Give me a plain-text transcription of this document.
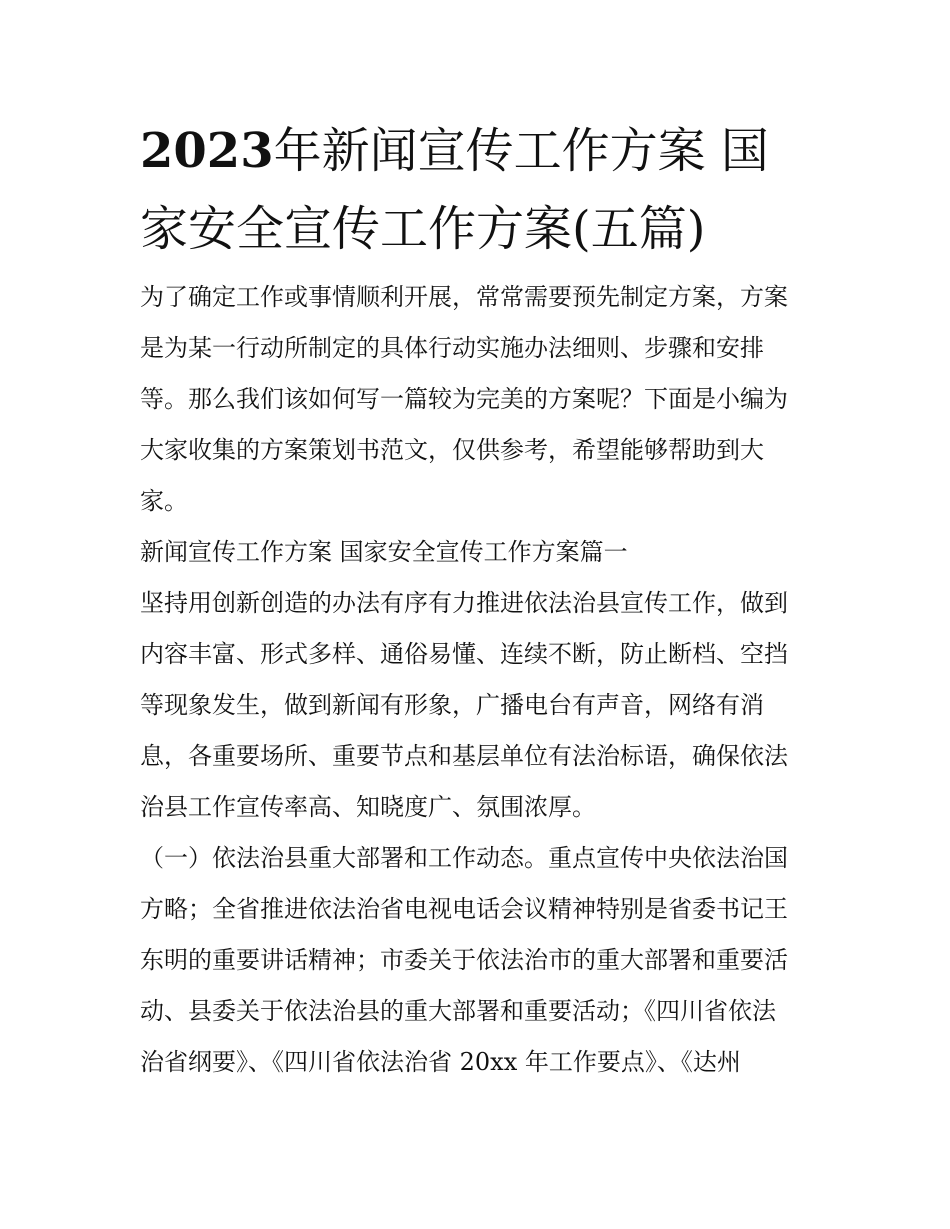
2023年新闻宣传工作方案 国
家安全宣传工作方案(五篇)
为了确定工作或事情顺利开展，常常需要预先制定方案，方案
是为某一行动所制定的具体行动实施办法细则、步骤和安排
等。那么我们该如何写一篇较为完美的方案呢？下面是小编为
大家收集的方案策划书范文，仅供参考，希望能够帮助到大
家。
新闻宣传工作方案 国家安全宣传工作方案篇一
坚持用创新创造的办法有序有力推进依法治县宣传工作，做到
内容丰富、形式多样、通俗易懂、连续不断，防止断档、空挡
等现象发生，做到新闻有形象，广播电台有声音，网络有消
息，各重要场所、重要节点和基层单位有法治标语，确保依法
治县工作宣传率高、知晓度广、氛围浓厚。
（一）依法治县重大部署和工作动态。重点宣传中央依法治国
方略；全省推进依法治省电视电话会议精神特别是省委书记王
东明的重要讲话精神；市委关于依法治市的重大部署和重要活
动、县委关于依法治县的重大部署和重要活动；《四川省依法
治省纲要》、《四川省依法治省 20xx 年工作要点》、《达州
